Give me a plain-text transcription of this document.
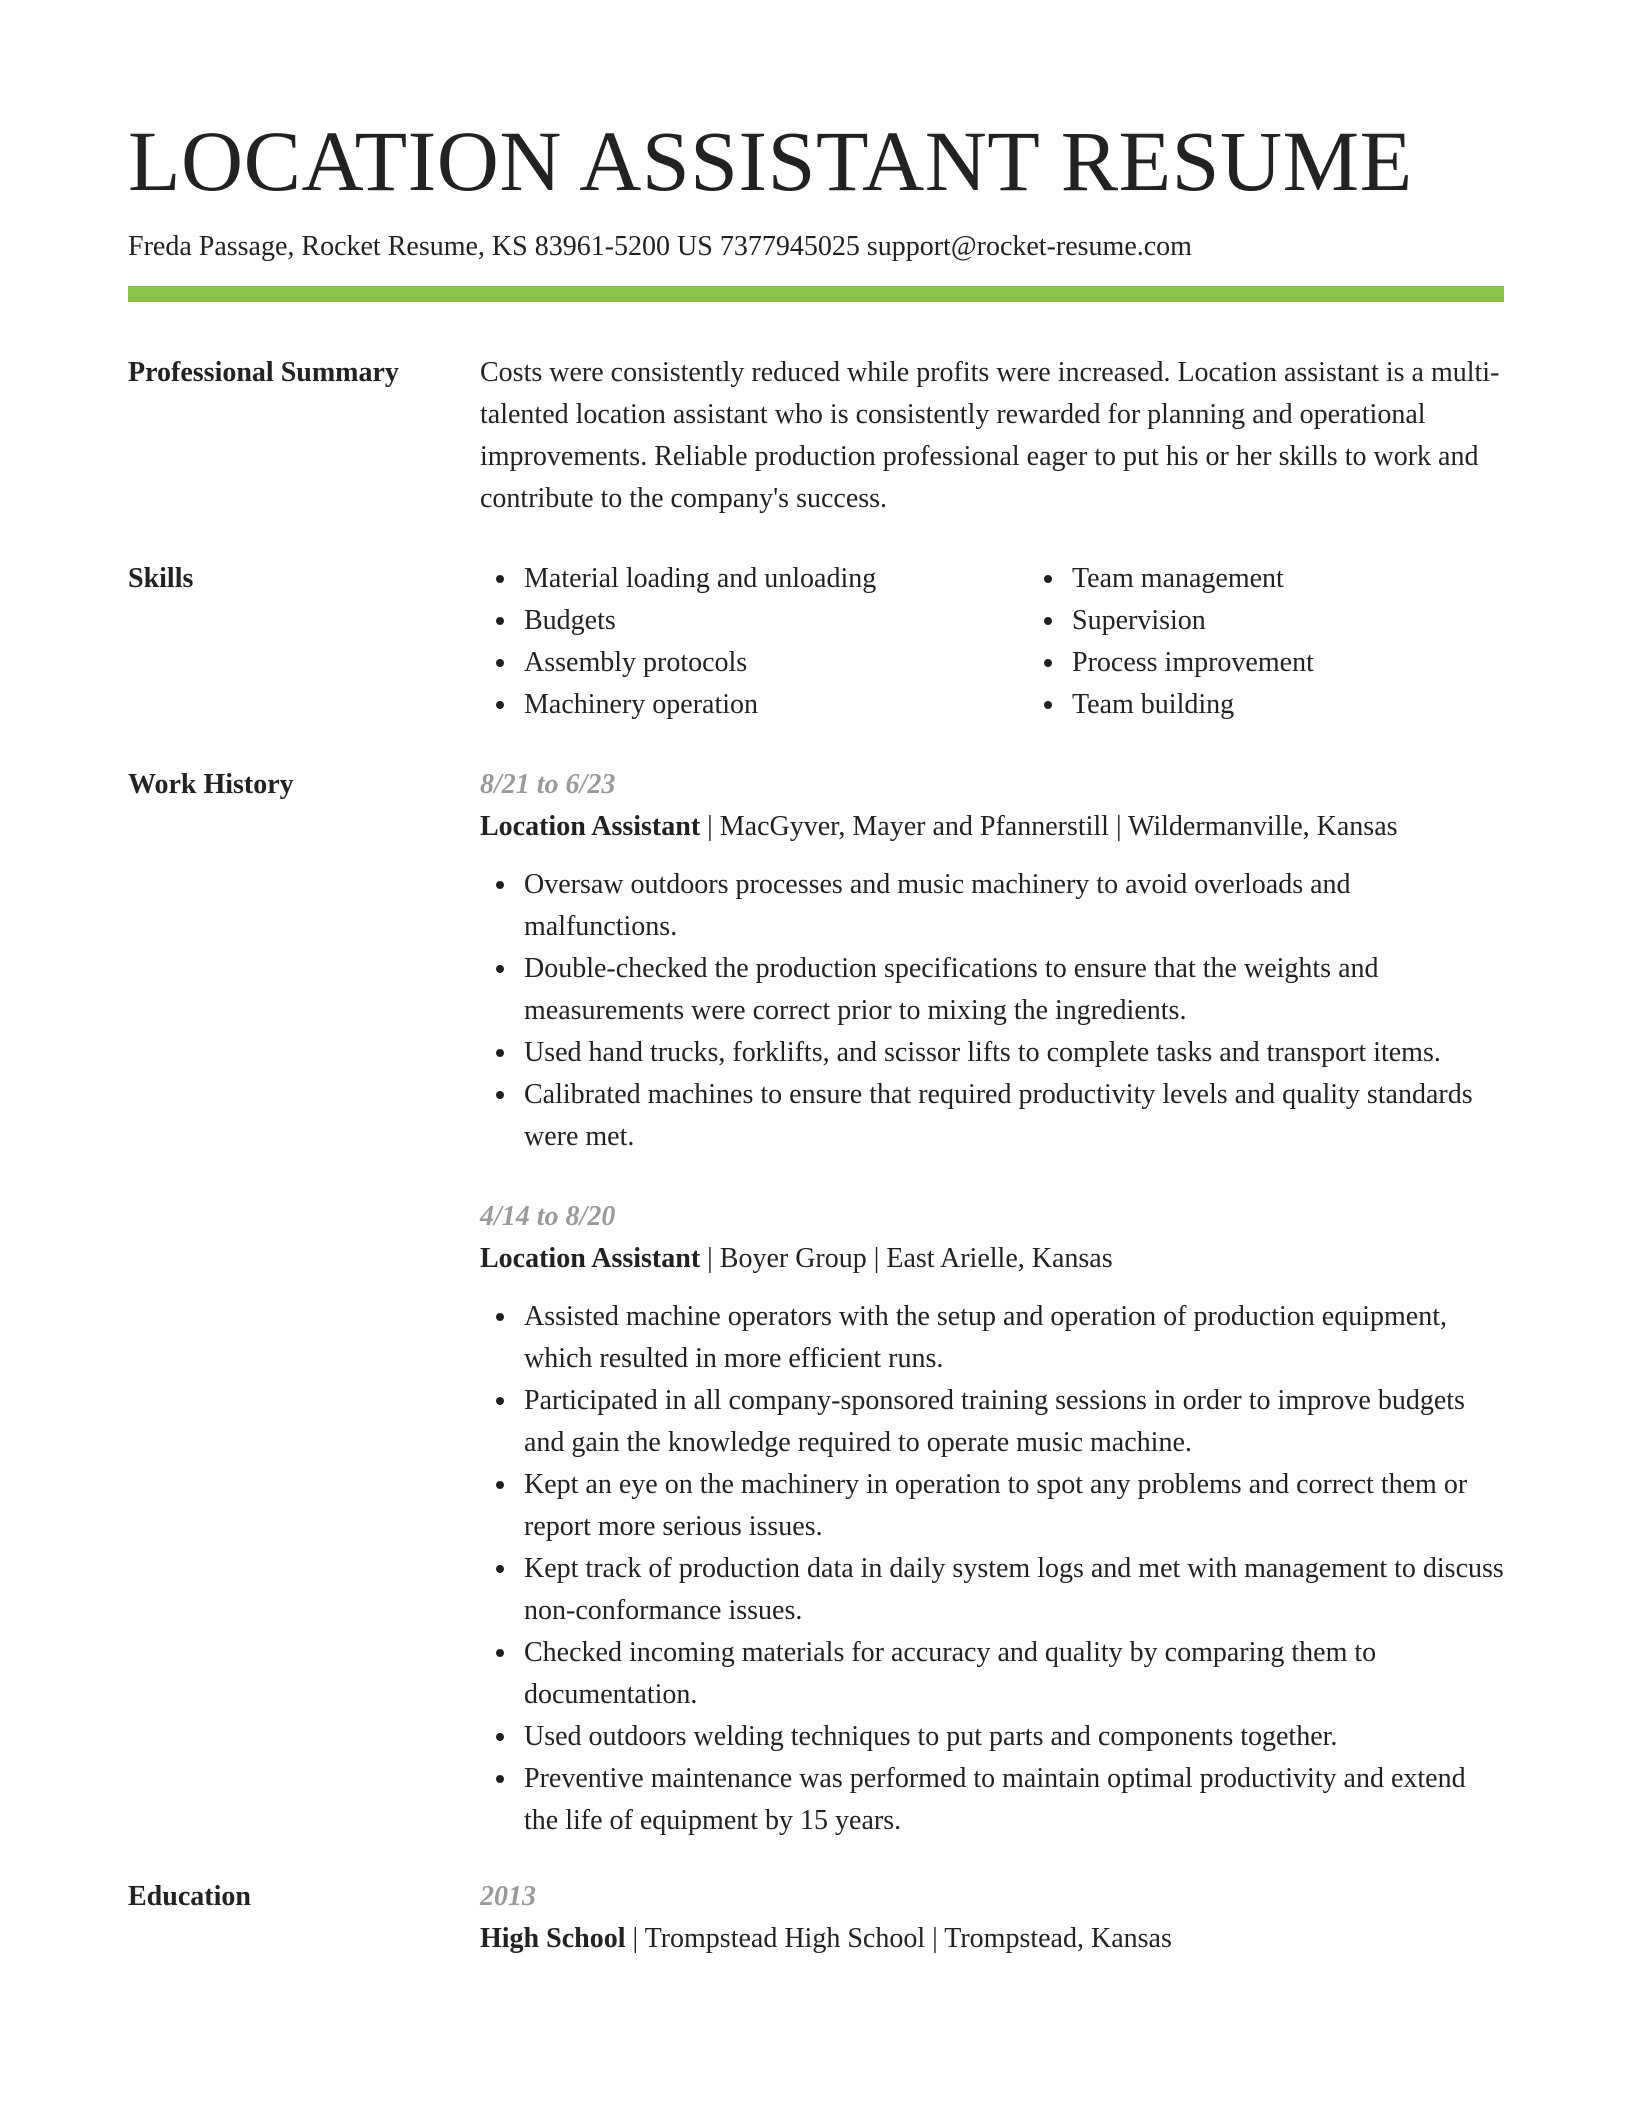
LOCATION ASSISTANT RESUME
Freda Passage, Rocket Resume, KS 83961-5200 US 7377945025 support@rocket-resume.com
Professional Summary	Costs were consistently reduced while profits were increased. Location assistant is a multi-talented location assistant who is consistently rewarded for planning and operational improvements. Reliable production professional eager to put his or her skills to work and contribute to the company's success.
Skills	Material loading and unloading
Budgets
Assembly protocols
Machinery operation
Team management
Supervision
Process improvement
Team building
Work History	8/21 to 6/23
Location Assistant | MacGyver, Mayer and Pfannerstill | Wildermanville, Kansas
Oversaw outdoors processes and music machinery to avoid overloads and malfunctions.
Double-checked the production specifications to ensure that the weights and measurements were correct prior to mixing the ingredients.
Used hand trucks, forklifts, and scissor lifts to complete tasks and transport items.
Calibrated machines to ensure that required productivity levels and quality standards were met.
4/14 to 8/20
Location Assistant | Boyer Group | East Arielle, Kansas
Assisted machine operators with the setup and operation of production equipment, which resulted in more efficient runs.
Participated in all company-sponsored training sessions in order to improve budgets and gain the knowledge required to operate music machine.
Kept an eye on the machinery in operation to spot any problems and correct them or report more serious issues.
Kept track of production data in daily system logs and met with management to discuss non-conformance issues.
Checked incoming materials for accuracy and quality by comparing them to documentation.
Used outdoors welding techniques to put parts and components together.
Preventive maintenance was performed to maintain optimal productivity and extend the life of equipment by 15 years.
Education	2013
High School | Trompstead High School | Trompstead, Kansas
